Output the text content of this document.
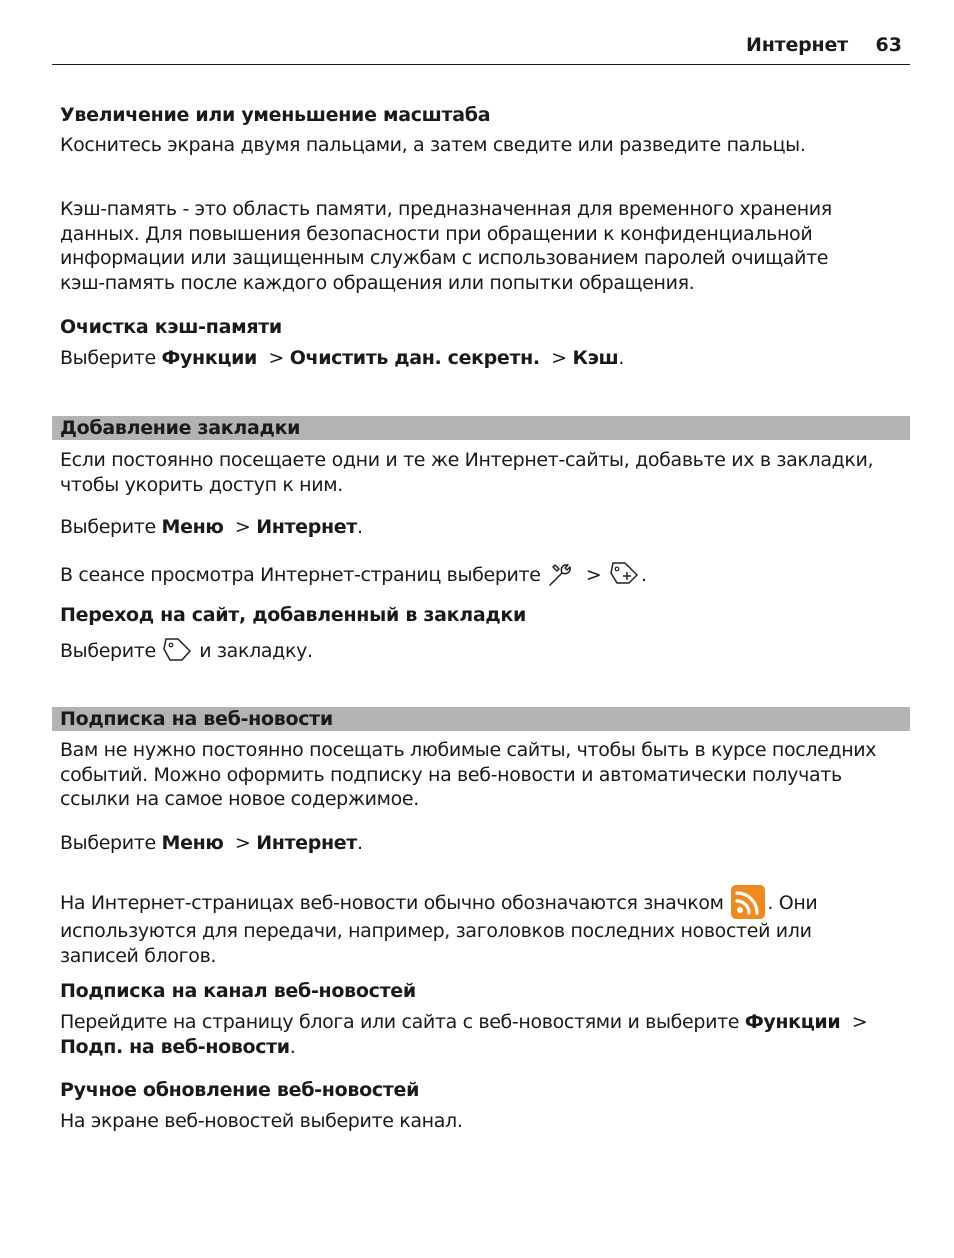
Интернет 63
Увеличение или уменьшение масштаба
Коснитесь экрана двумя пальцами, а затем сведите или разведите пальцы.
Кэш-память - это область памяти, предназначенная для временного хранения
данных. Для повышения безопасности при обращении к конфиденциальной
информации или защищенным службам с использованием паролей очищайте
кэш-память после каждого обращения или попытки обращения.
Очистка кэш-памяти
Выберите Функции > Очистить дан. секретн. > Кэш.
Добавление закладки
Если постоянно посещаете одни и те же Интернет-сайты, добавьте их в закладки,
чтобы укорить доступ к ним.
Выберите Меню > Интернет.
В сеансе просмотра Интернет-страниц выберите > .
Переход на сайт, добавленный в закладки
Выберите и закладку.
Подписка на веб-новости
Вам не нужно постоянно посещать любимые сайты, чтобы быть в курсе последних
событий. Можно оформить подписку на веб-новости и автоматически получать
ссылки на самое новое содержимое.
Выберите Меню > Интернет.
На Интернет-страницах веб-новости обычно обозначаются значком . Они
используются для передачи, например, заголовков последних новостей или
записей блогов.
Подписка на канал веб-новостей
Перейдите на страницу блога или сайта с веб-новостями и выберите Функции >
Подп. на веб-новости.
Ручное обновление веб-новостей
На экране веб-новостей выберите канал.
